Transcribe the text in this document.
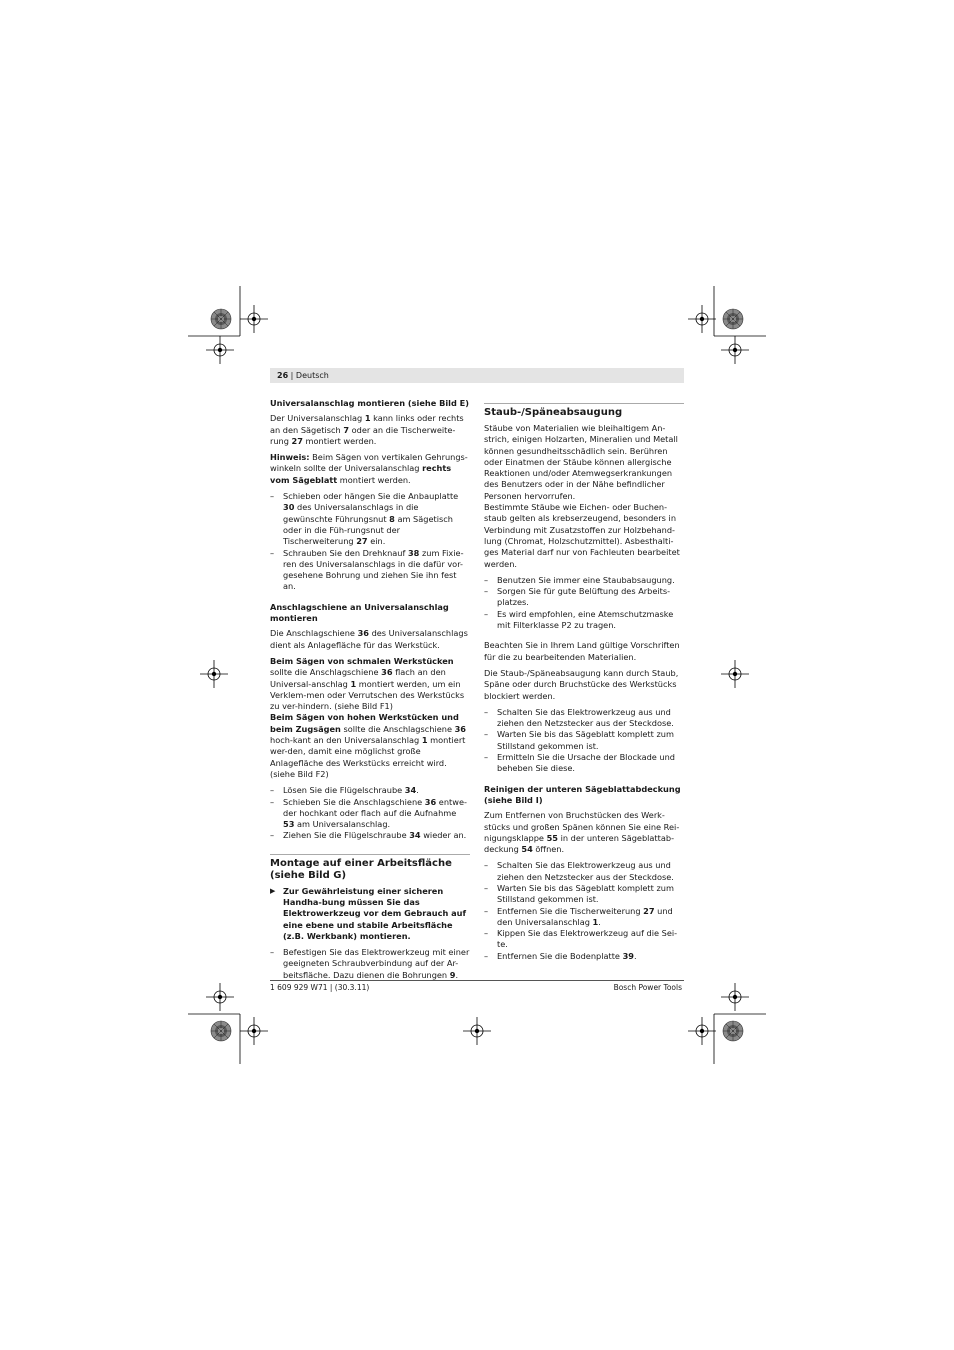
26 | Deutsch
Universalanschlag montieren (siehe Bild E)

Der Universalanschlag 1 kann links oder rechts an den Sägetisch 7 oder an die Tischerweite-rung 27 montiert werden.

Hinweis: Beim Sägen von vertikalen Gehrungs-winkeln sollte der Universalanschlag rechts vom Sägeblatt montiert werden.

– Schieben oder hängen Sie die Anbauplatte 30 des Universalanschlags in die gewünschte Führungsnut 8 am Sägetisch oder in die Füh-rungsnut der Tischerweiterung 27 ein.
– Schrauben Sie den Drehknauf 38 zum Fixie-ren des Universalanschlags in die dafür vor-gesehene Bohrung und ziehen Sie ihn fest an.
Anschlagschiene an Universalanschlag montieren

Die Anschlagschiene 36 des Universalanschlags dient als Anlagefläche für das Werkstück.

Beim Sägen von schmalen Werkstücken sollte die Anschlagschiene 36 flach an den Universal-anschlag 1 montiert werden, um ein Verklem-men oder Verrutschen des Werkstücks zu ver-hindern. (siehe Bild F1)

Beim Sägen von hohen Werkstücken und beim Zugsägen sollte die Anschlagschiene 36 hoch-kant an den Universalanschlag 1 montiert wer-den, damit eine möglichst große Anlagefläche des Werkstücks erreicht wird. (siehe Bild F2)

– Lösen Sie die Flügelschraube 34.
– Schieben Sie die Anschlagschiene 36 entwe-der hochkant oder flach auf die Aufnahme 53 am Universalanschlag.
– Ziehen Sie die Flügelschraube 34 wieder an.
Montage auf einer Arbeitsfläche (siehe Bild G)
▶ Zur Gewährleistung einer sicheren Handha-bung müssen Sie das Elektrowerkzeug vor dem Gebrauch auf eine ebene und stabile Arbeitsfläche (z.B. Werkbank) montieren.
– Befestigen Sie das Elektrowerkzeug mit einer geeigneten Schraubverbindung auf der Ar-beitsfläche. Dazu dienen die Bohrungen 9.
Staub-/Späneabsaugung

Stäube von Materialien wie bleihaltigem An-strich, einigen Holzarten, Mineralien und Metall können gesundheitsschädlich sein. Berühren oder Einatmen der Stäube können allergische Reaktionen und/oder Atemwegserkrankungen des Benutzers oder in der Nähe befindlicher Personen hervorrufen.

Bestimmte Stäube wie Eichen- oder Buchen-staub gelten als krebserzeugend, besonders in Verbindung mit Zusatzstoffen zur Holzbehand-lung (Chromat, Holzschutzmittel). Asbesthalti-ges Material darf nur von Fachleuten bearbeitet werden.

– Benutzen Sie immer eine Staubabsaugung.
– Sorgen Sie für gute Belüftung des Arbeits-platzes.
– Es wird empfohlen, eine Atemschutzmaske mit Filterklasse P2 zu tragen.

Beachten Sie in Ihrem Land gültige Vorschriften für die zu bearbeitenden Materialien.

Die Staub-/Späneabsaugung kann durch Staub, Späne oder durch Bruchstücke des Werkstücks blockiert werden.

– Schalten Sie das Elektrowerkzeug aus und ziehen den Netzstecker aus der Steckdose.
– Warten Sie bis das Sägeblatt komplett zum Stillstand gekommen ist.
– Ermitteln Sie die Ursache der Blockade und beheben Sie diese.
Reinigen der unteren Sägeblattabdeckung (siehe Bild I)

Zum Entfernen von Bruchstücken des Werk-stücks und großen Spänen können Sie eine Rei-nigungsklappe 55 in der unteren Sägeblattab-deckung 54 öffnen.

– Schalten Sie das Elektrowerkzeug aus und ziehen den Netzstecker aus der Steckdose.
– Warten Sie bis das Sägeblatt komplett zum Stillstand gekommen ist.
– Entfernen Sie die Tischerweiterung 27 und den Universalanschlag 1.
– Kippen Sie das Elektrowerkzeug auf die Sei-te.
– Entfernen Sie die Bodenplatte 39.
1 609 929 W71 | (30.3.11)	Bosch Power Tools
